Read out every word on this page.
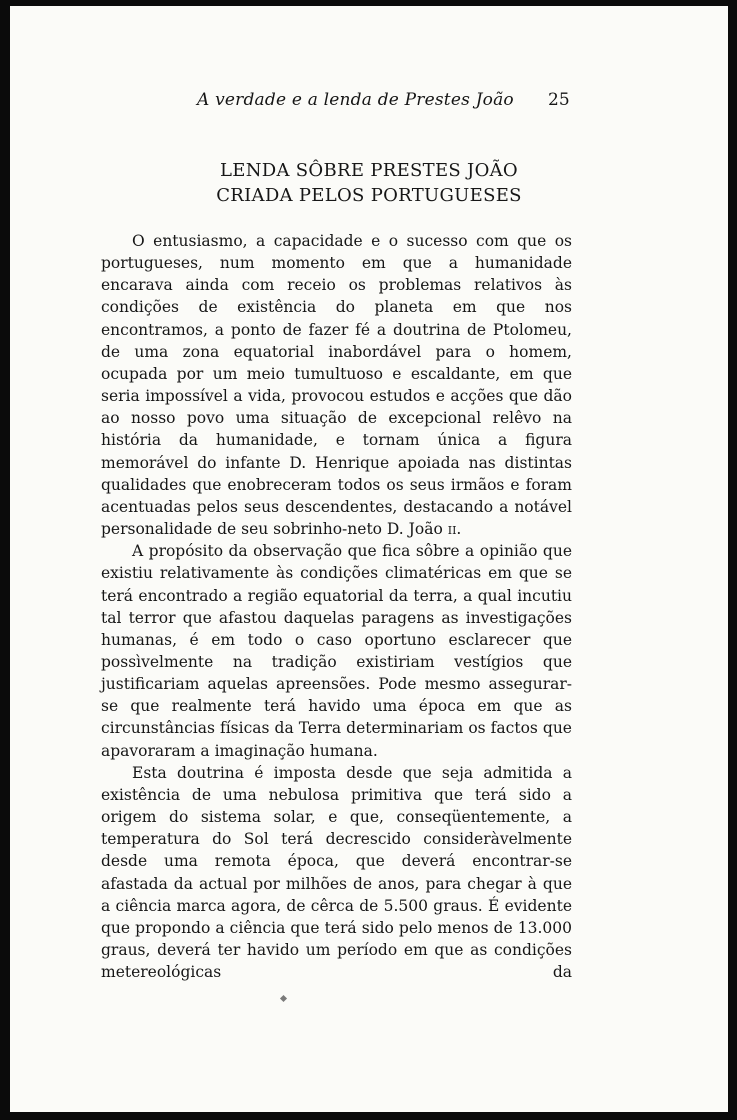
A verdade e a lenda de Prestes João 25
LENDA SÔBRE PRESTES JOÃO
CRIADA PELOS PORTUGUESES

O entusiasmo, a capacidade e o sucesso com que os portugueses, num momento em que a humanidade encarava ainda com receio os problemas relativos às condições de existência do planeta em que nos encontramos, a ponto de fazer fé a doutrina de Ptolomeu, de uma zona equatorial inabordável para o homem, ocupada por um meio tumultuoso e escaldante, em que seria impossível a vida, provocou estudos e acções que dão ao nosso povo uma situação de excepcional relêvo na história da humanidade, e tornam única a figura memorável do infante D. Henrique apoiada nas distintas qualidades que enobreceram todos os seus irmãos e foram acentuadas pelos seus descendentes, destacando a notável personalidade de seu sobrinho-neto D. João ii.

A propósito da observação que fica sôbre a opinião que existiu relativamente às condições climatéricas em que se terá encontrado a região equatorial da terra, a qual incutiu tal terror que afastou daquelas paragens as investigações humanas, é em todo o caso oportuno esclarecer que possìvelmente na tradição existiriam vestígios que justificariam aquelas apreensões. Pode mesmo assegurar-se que realmente terá havido uma época em que as circunstâncias físicas da Terra determinariam os factos que apavoraram a imaginação humana.

Esta doutrina é imposta desde que seja admitida a existência de uma nebulosa primitiva que terá sido a origem do sistema solar, e que, conseqüentemente, a temperatura do Sol terá decrescido consideràvelmente desde uma remota época, que deverá encontrar-se afastada da actual por milhões de anos, para chegar à que a ciência marca agora, de cêrca de 5.500 graus. É evidente que propondo a ciência que terá sido pelo menos de 13.000 graus, deverá ter havido um período em que as condições metereológicas da
